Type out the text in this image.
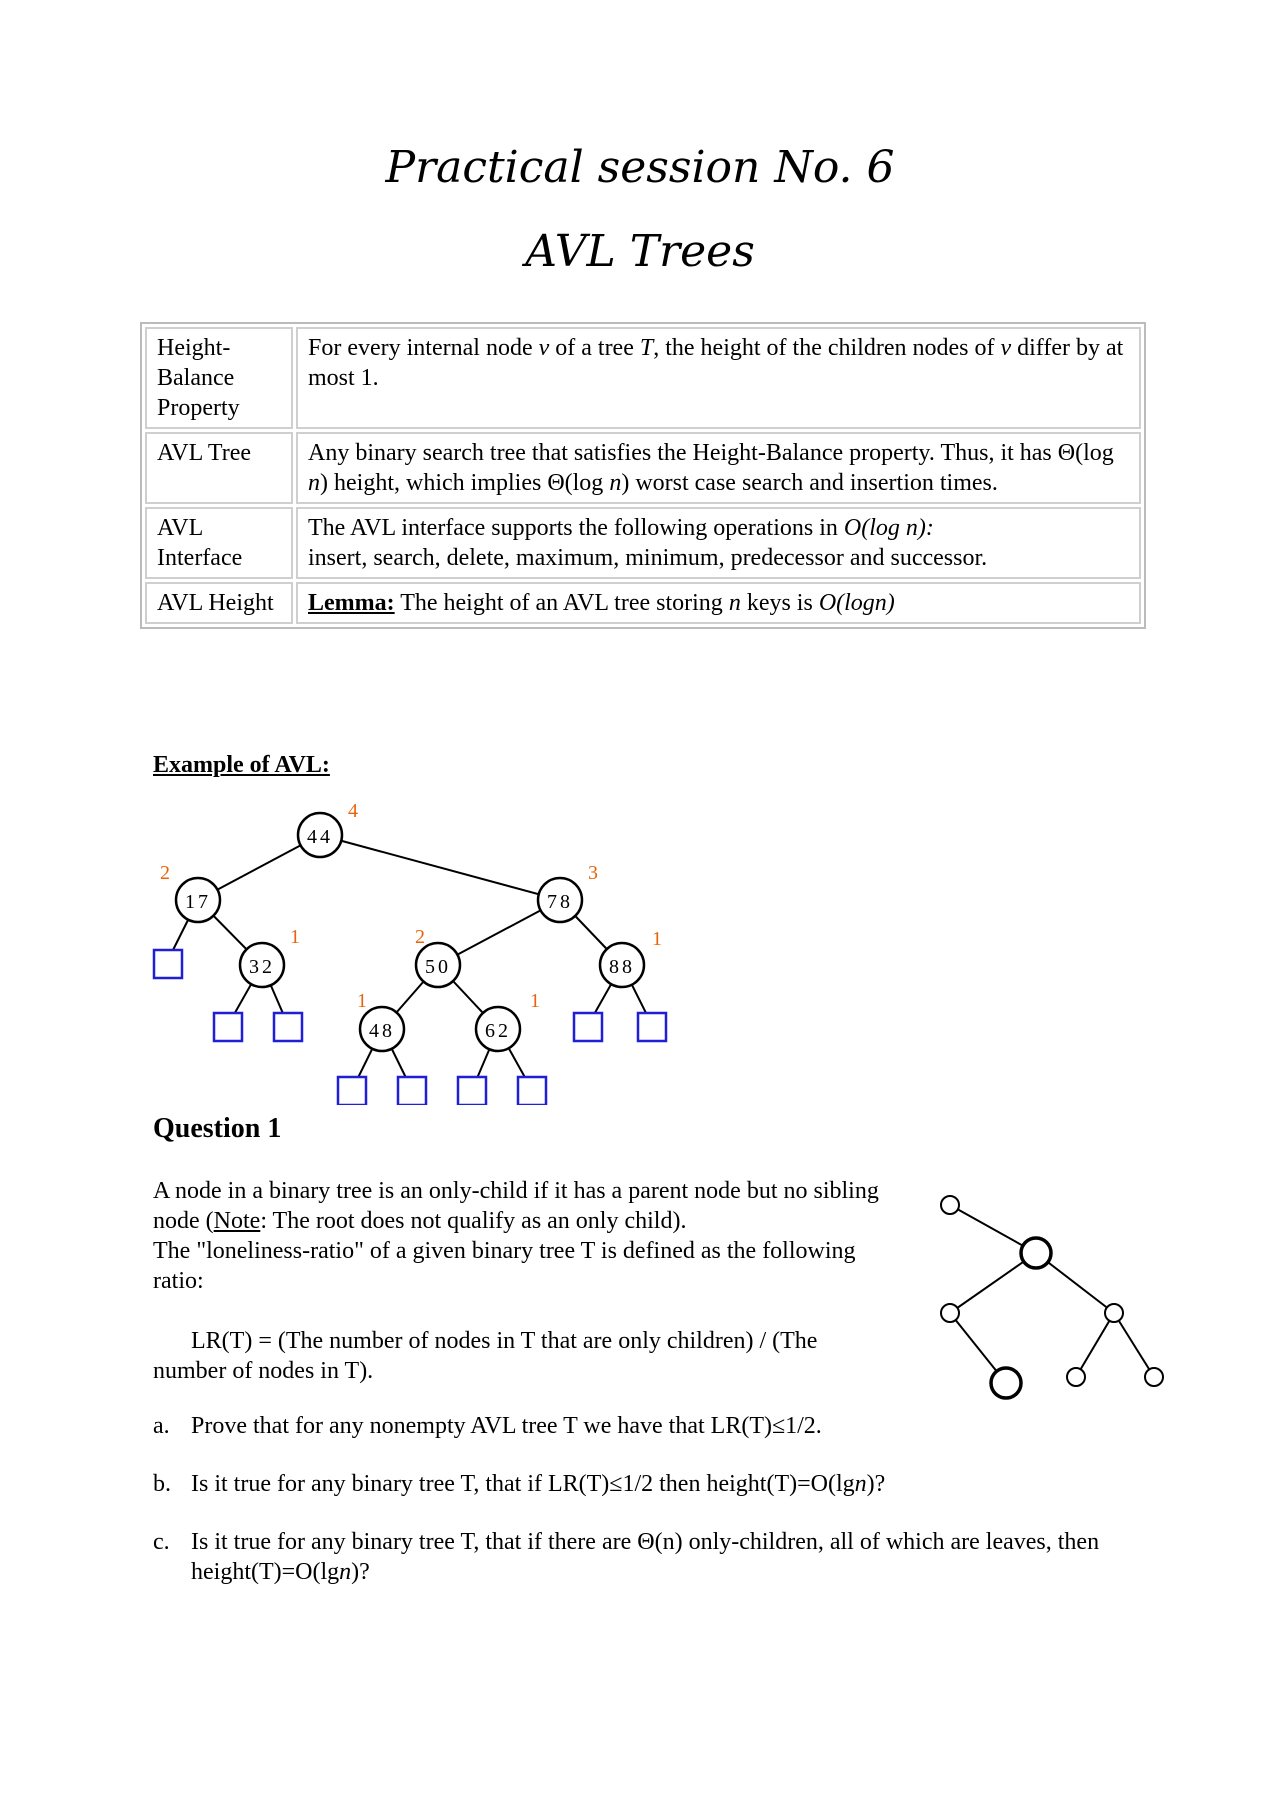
Practical session No. 6
AVL Trees
Height-Balance Property	For every internal node v of a tree T, the height of the children nodes of v differ by at most 1.
AVL Tree	Any binary search tree that satisfies the Height-Balance property. Thus, it has Θ(log n) height, which implies Θ(log n) worst case search and insertion times.
AVL Interface	The AVL interface supports the following operations in O(log n):
insert, search, delete, maximum, minimum, predecessor and successor.
AVL Height	Lemma: The height of an AVL tree storing n keys is O(logn)
Example of AVL:
44
17	78
32	50	88
48	62
4
2	3
1	2	1
1	1
Question 1

A node in a binary tree is an only-child if it has a parent node but no sibling node (Note: The root does not qualify as an only child).

The "loneliness-ratio" of a given binary tree T is defined as the following ratio:

LR(T) = (The number of nodes in T that are only children) / (The
number of nodes in T).

a. Prove that for any nonempty AVL tree T we have that LR(T)≤1/2.
b. Is it true for any binary tree T, that if LR(T)≤1/2 then height(T)=O(lgn)?
c. Is it true for any binary tree T, that if there are Θ(n) only-children, all of which are leaves, then height(T)=O(lgn)?
